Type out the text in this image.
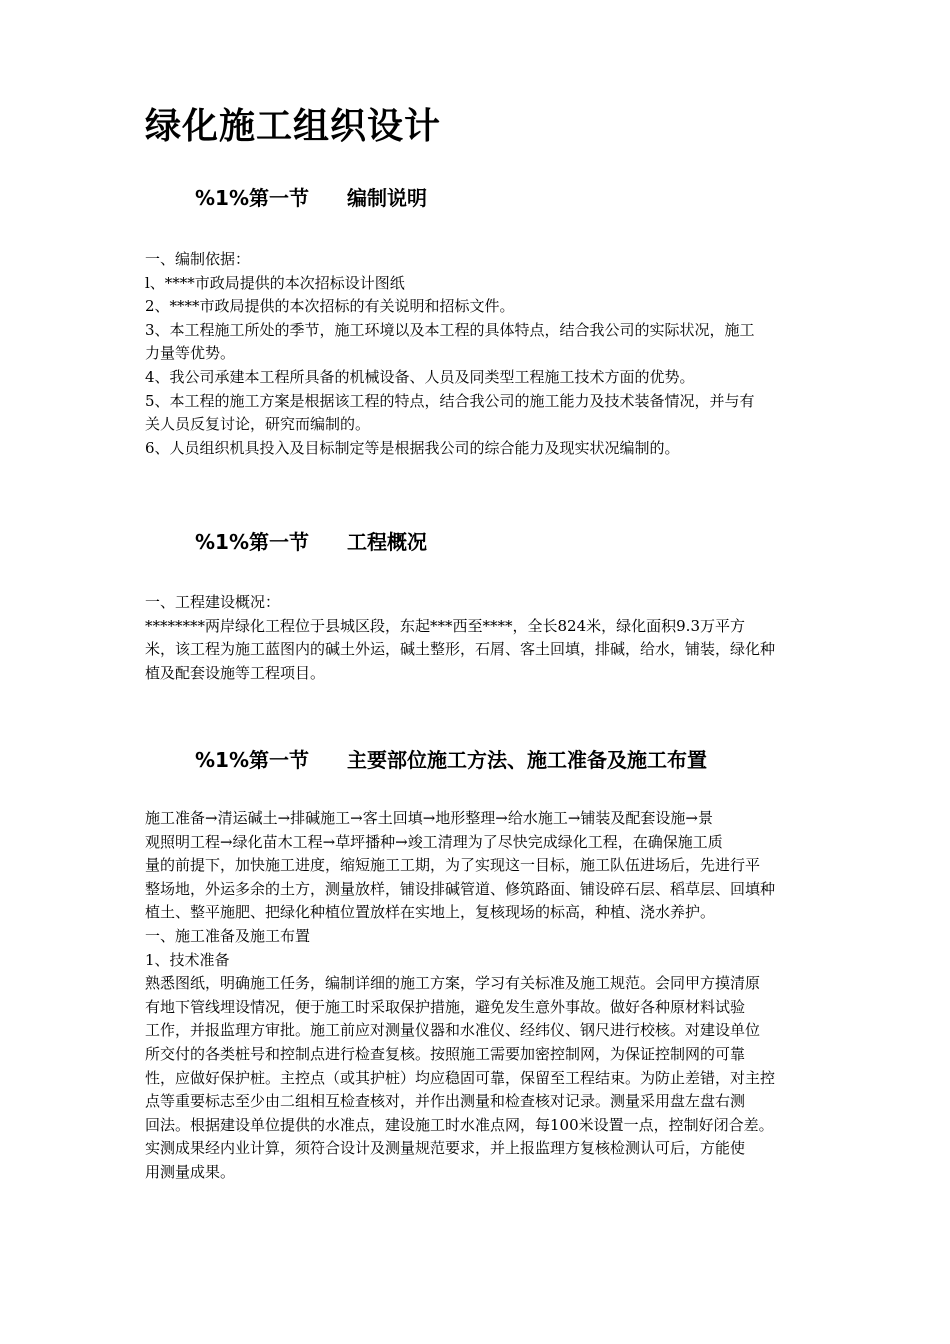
绿化施工组织设计
%1%第一节 编制说明
一、编制依据：
l、****市政局提供的本次招标设计图纸
2、****市政局提供的本次招标的有关说明和招标文件。
3、本工程施工所处的季节，施工环境以及本工程的具体特点，结合我公司的实际状况，施工
力量等优势。
4、我公司承建本工程所具备的机械设备、人员及同类型工程施工技术方面的优势。
5、本工程的施工方案是根据该工程的特点，结合我公司的施工能力及技术装备情况，并与有
关人员反复讨论，研究而编制的。
6、人员组织机具投入及目标制定等是根据我公司的综合能力及现实状况编制的。
%1%第一节 工程概况
一、工程建设概况：
********两岸绿化工程位于县城区段，东起***西至****，全长824米，绿化面积9.3万平方
米，该工程为施工蓝图内的碱土外运，碱土整形，石屑、客土回填，排碱，给水，铺装，绿化种
植及配套设施等工程项目。
%1%第一节 主要部位施工方法、施工准备及施工布置
施工准备→清运碱土→排碱施工→客土回填→地形整理→给水施工→铺装及配套设施→景
观照明工程→绿化苗木工程→草坪播种→竣工清理为了尽快完成绿化工程，在确保施工质
量的前提下，加快施工进度，缩短施工工期，为了实现这一目标，施工队伍进场后，先进行平
整场地，外运多余的土方，测量放样，铺设排碱管道、修筑路面、铺设碎石层、稻草层、回填种
植土、整平施肥、把绿化种植位置放样在实地上，复核现场的标高，种植、浇水养护。
一、施工准备及施工布置
1、技术准备
熟悉图纸，明确施工任务，编制详细的施工方案，学习有关标准及施工规范。会同甲方摸清原
有地下管线埋设情况，便于施工时采取保护措施，避免发生意外事故。做好各种原材料试验
工作，并报监理方审批。施工前应对测量仪器和水准仪、经纬仪、钢尺进行校核。对建设单位
所交付的各类桩号和控制点进行检查复核。按照施工需要加密控制网，为保证控制网的可靠
性，应做好保护桩。主控点（或其护桩）均应稳固可靠，保留至工程结束。为防止差错，对主控
点等重要标志至少由二组相互检查核对，并作出测量和检查核对记录。测量采用盘左盘右测
回法。根据建设单位提供的水准点，建设施工时水准点网，每100米设置一点，控制好闭合差。
实测成果经内业计算，须符合设计及测量规范要求，并上报监理方复核检测认可后，方能使
用测量成果。
